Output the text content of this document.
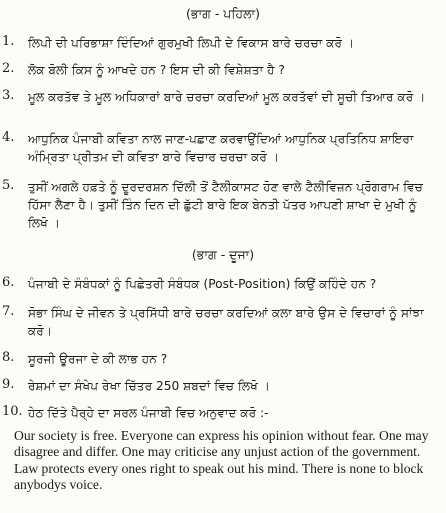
(ਭਾਗ - ਪਹਿਲਾ)
1. ਲਿਪੀ ਦੀ ਪਰਿਭਾਸ਼ਾ ਦਿੰਦਿਆਂ ਗੁਰਮੁਖੀ ਲਿਪੀ ਦੇ ਵਿਕਾਸ ਬਾਰੇ ਚਰਚਾ ਕਰੋ ।
2. ਲੋਕ ਬੋਲੀ ਕਿਸ ਨੂੰ ਆਖਦੇ ਹਨ ? ਇਸ ਦੀ ਕੀ ਵਿਸ਼ੇਸ਼ਤਾ ਹੈ ?
3. ਮੂਲ ਕਰਤੱਵ ਤੇ ਮੂਲ ਅਧਿਕਾਰਾਂ ਬਾਰੇ ਚਰਚਾ ਕਰਦਿਆਂ ਮੂਲ ਕਰਤੱਵਾਂ ਦੀ ਸੂਚੀ ਤਿਆਰ ਕਰੋ ।
4. ਆਧੁਨਿਕ ਪੰਜਾਬੀ ਕਵਿਤਾ ਨਾਲ ਜਾਣ-ਪਛਾਣ ਕਰਵਾਉਂਦਿਆਂ ਆਧੁਨਿਕ ਪ੍ਰਤਿਨਿਧ ਸ਼ਾਇਰਾ ਅੰਮ੍ਰਿਤਾ ਪ੍ਰੀਤਮ ਦੀ ਕਵਿਤਾ ਬਾਰੇ ਵਿਚਾਰ ਚਰਚਾ ਕਰੋ ।
5. ਤੁਸੀਂ ਅਗਲੇ ਹਫ਼ਤੇ ਨੂੰ ਦੂਰਦਰਸ਼ਨ ਦਿੱਲੀ ਤੋਂ ਟੈਲੀਕਾਸਟ ਹੋਣ ਵਾਲੇ ਟੈਲੀਵਿਜ਼ਨ ਪ੍ਰੋਗਰਾਮ ਵਿਚ ਹਿੱਸਾ ਲੈਣਾ ਹੈ। ਤੁਸੀਂ ਤਿੰਨ ਦਿਨ ਦੀ ਛੁੱਟੀ ਬਾਰੇ ਇਕ ਬੇਨਤੀ ਪੱਤਰ ਆਪਣੀ ਸ਼ਾਖਾ ਦੇ ਮੁਖੀ ਨੂੰ ਲਿਖੋ ।
(ਭਾਗ - ਦੂਜਾ)
6. ਪੰਜਾਬੀ ਦੇ ਸੰਬੰਧਕਾਂ ਨੂੰ ਪਿਛੇਤਰੀ ਸੰਬੰਧਕ (Post-Position) ਕਿਉਂ ਕਹਿੰਦੇ ਹਨ ?
7. ਸੋਭਾ ਸਿੰਘ ਦੇ ਜੀਵਨ ਤੇ ਪ੍ਰਸਿੱਧੀ ਬਾਰੇ ਚਰਚਾ ਕਰਦਿਆਂ ਕਲਾ ਬਾਰੇ ਉਸ ਦੇ ਵਿਚਾਰਾਂ ਨੂੰ ਸਾਂਝਾ ਕਰੋ।
8. ਸੂਰਜੀ ਊਰਜਾ ਦੇ ਕੀ ਲਾਭ ਹਨ ?
9. ਰੇਸ਼ਮਾਂ ਦਾ ਸੰਖੇਪ ਰੇਖਾ ਚਿੱਤਰ 250 ਸ਼ਬਦਾਂ ਵਿਚ ਲਿਖੋ ।
10. ਹੇਠ ਦਿੱਤੇ ਪੈਰ੍ਹੇ ਦਾ ਸਰਲ ਪੰਜਾਬੀ ਵਿਚ ਅਨੁਵਾਦ ਕਰੋ :-
Our society is free. Everyone can express his opinion without fear. One may disagree and differ. One may criticise any unjust action of the government. Law protects every ones right to speak out his mind. There is none to block anybodys voice.
